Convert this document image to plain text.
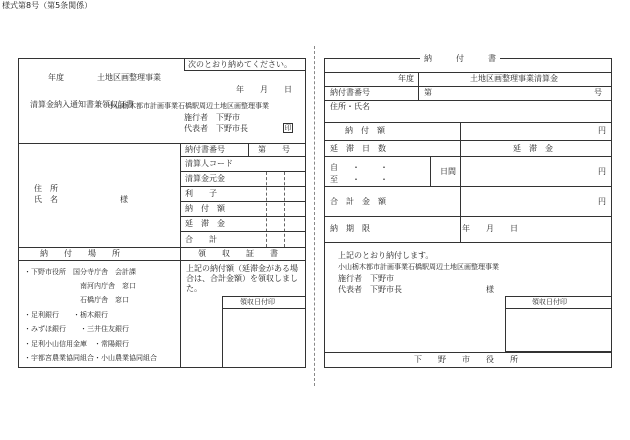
様式第8号（第5条関係）
次のとおり納めてください。
年度	土地区画整理事業
年　　月　　日
清算金納入通知書兼領収証書
小山栃木都市計画事業石橋駅周辺土地区画整理事業
施行者 下野市
代表者 下野市長	印
住　所
氏　名	様
納付書番号	第　　号
清算人コード
清算金元金
利　　子
納　付　額
延　滞　金
合　　計
納　　付　　場　　所	領　　収　　証　　書
・下野市役所　国分寺庁舎　会計課
南河内庁舎　窓口
石橋庁舎　窓口
・足利銀行　　・栃木銀行
・みずほ銀行　　・三井住友銀行
・足利小山信用金庫　・常陽銀行
・宇都宮農業協同組合・小山農業協同組合
上記の納付額（延滞金がある場合は、合計金額）を領収しました。
領収日付印
納　　　付　　　書
年度	土地区画整理事業清算金
納付書番号	第	号
住所・氏名
納　付　額	円
延　滞　日　数	延　滞　金
自 ・	・
至 ・	・
日間	円
合　計　金　額	円
納　期　限	年　　月　　日
上記のとおり納付します。
小山栃木都市計画事業石橋駅周辺土地区画整理事業
施行者　下野市
代表者　下野市長	様
領収日付印
下　　野　　市　　役　　所
